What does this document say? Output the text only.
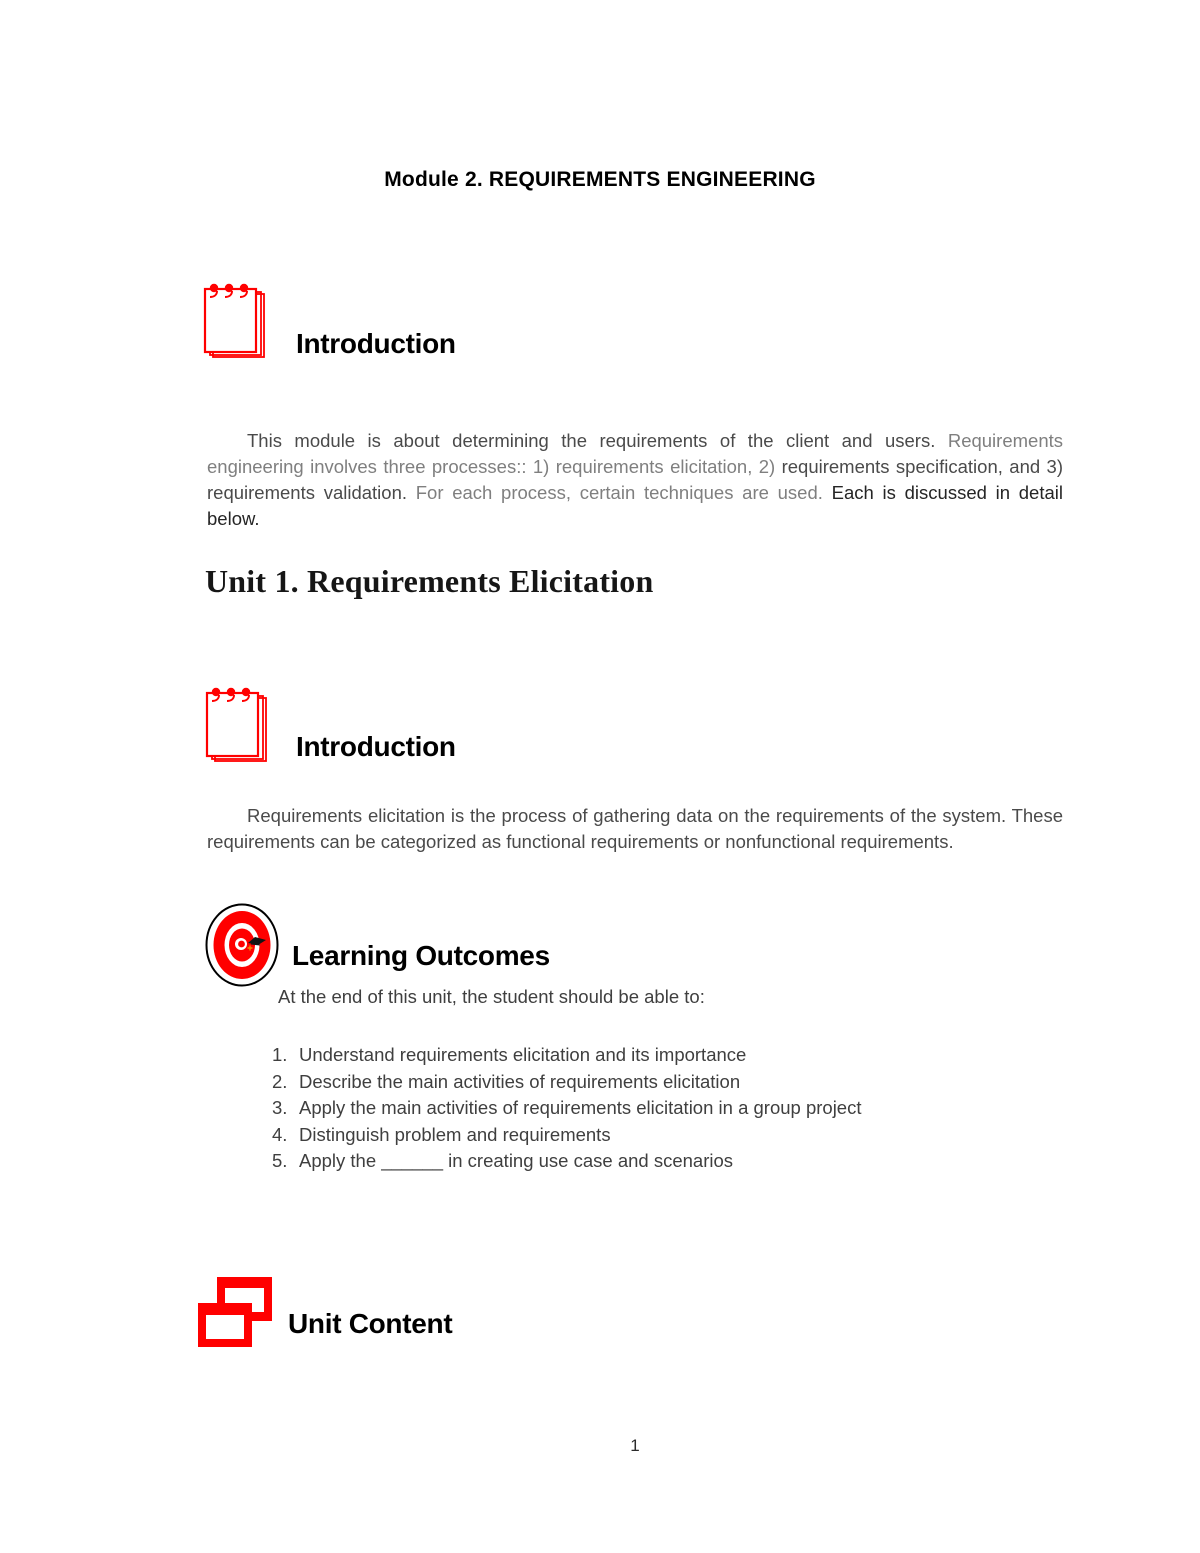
Module 2. REQUIREMENTS ENGINEERING
Introduction

This module is about determining the requirements of the client and users. Requirements engineering involves three processes:: 1) requirements elicitation, 2) requirements specification, and 3) requirements validation. For each process, certain techniques are used. Each is discussed in detail below.

Unit 1. Requirements Elicitation
Introduction

Requirements elicitation is the process of gathering data on the requirements of the system. These requirements can be categorized as functional requirements or nonfunctional requirements.

Learning Outcomes
At the end of this unit, the student should be able to:
Understand requirements elicitation and its importance
Describe the main activities of requirements elicitation
Apply the main activities of requirements elicitation in a group project
Distinguish problem and requirements
Apply the ______ in creating use case and scenarios
Unit Content
1
